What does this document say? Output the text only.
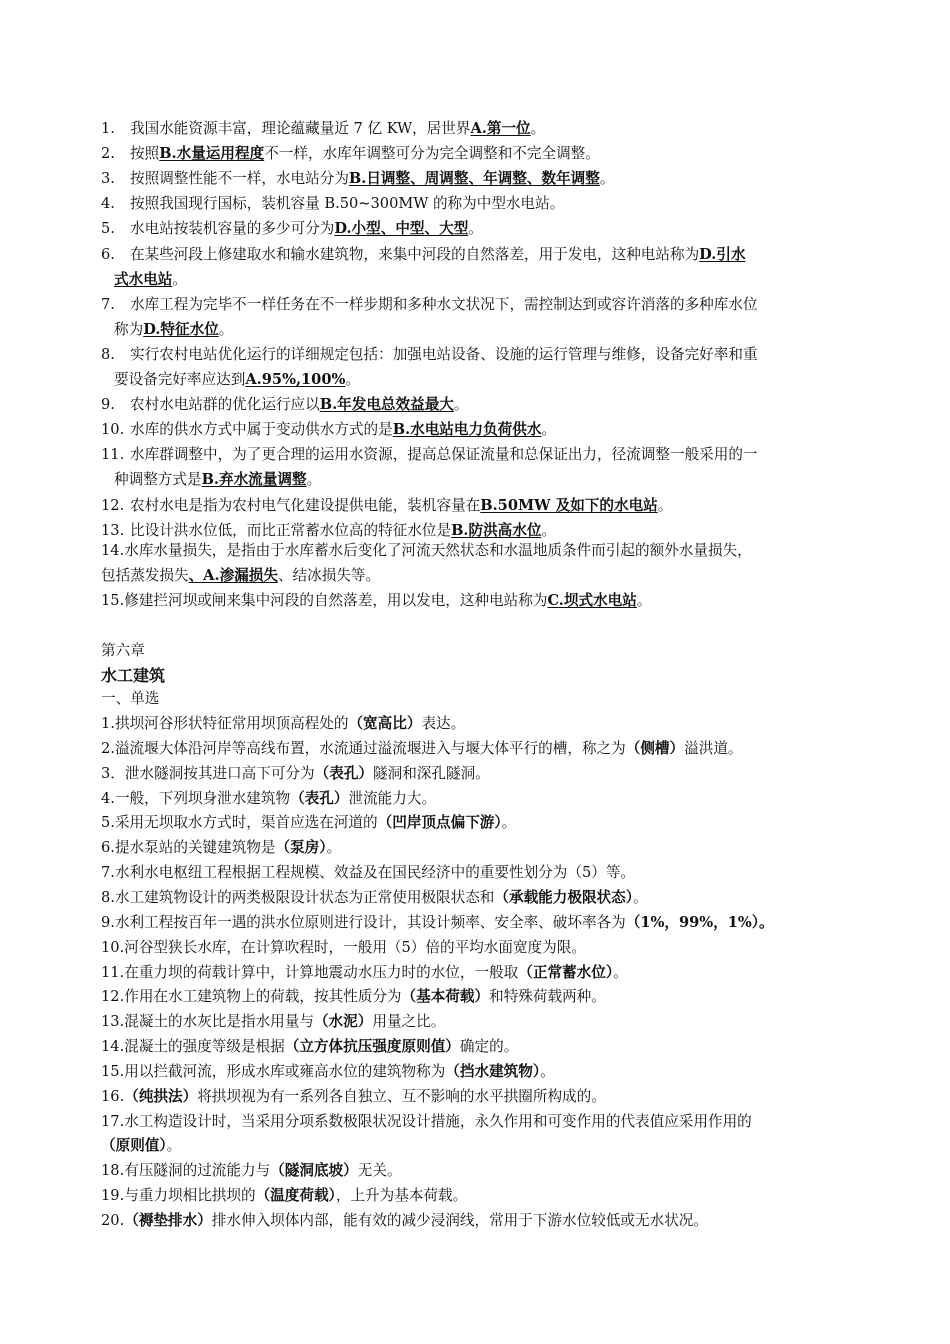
1. 我国水能资源丰富，理论蕴藏量近 7 亿 KW，居世界A.第一位。
2. 按照B.水量运用程度不一样，水库年调整可分为完全调整和不完全调整。
3. 按照调整性能不一样，水电站分为B.日调整、周调整、年调整、数年调整。
4. 按照我国现行国标，装机容量 B.50~300MW 的称为中型水电站。
5. 水电站按装机容量的多少可分为D.小型、中型、大型。
6. 在某些河段上修建取水和输水建筑物，来集中河段的自然落差，用于发电，这种电站称为D.引水
式水电站。
7. 水库工程为完毕不一样任务在不一样步期和多种水文状况下，需控制达到或容许消落的多种库水位
称为D.特征水位。
8. 实行农村电站优化运行的详细规定包括：加强电站设备、设施的运行管理与维修，设备完好率和重
要设备完好率应达到A.95%,100%。
9. 农村水电站群的优化运行应以B.年发电总效益最大。
10. 水库的供水方式中属于变动供水方式的是B.水电站电力负荷供水。
11. 水库群调整中，为了更合理的运用水资源，提高总保证流量和总保证出力，径流调整一般采用的一
种调整方式是B.弃水流量调整。
12. 农村水电是指为农村电气化建设提供电能，装机容量在B.50MW 及如下的水电站。
13. 比设计洪水位低，而比正常蓄水位高的特征水位是B.防洪高水位。
14.水库水量损失，是指由于水库蓄水后变化了河流天然状态和水温地质条件而引起的额外水量损失，
包括蒸发损失、A.渗漏损失、结冰损失等。
15.修建拦河坝或闸来集中河段的自然落差，用以发电，这种电站称为C.坝式水电站。
第六章
水工建筑
一、单选
1.拱坝河谷形状特征常用坝顶高程处的（宽高比）表达。
2.溢流堰大体沿河岸等高线布置，水流通过溢流堰进入与堰大体平行的槽，称之为（侧槽）溢洪道。
3．泄水隧洞按其进口高下可分为（表孔）隧洞和深孔隧洞。
4.一般，下列坝身泄水建筑物（表孔）泄流能力大。
5.采用无坝取水方式时，渠首应选在河道的（凹岸顶点偏下游）。
6.提水泵站的关键建筑物是（泵房）。
7.水利水电枢纽工程根据工程规模、效益及在国民经济中的重要性划分为（5）等。
8.水工建筑物设计的两类极限设计状态为正常使用极限状态和（承载能力极限状态）。
9.水利工程按百年一遇的洪水位原则进行设计，其设计频率、安全率、破坏率各为（1%，99%，1%）。
10.河谷型狭长水库，在计算吹程时，一般用（5）倍的平均水面宽度为限。
11.在重力坝的荷载计算中，计算地震动水压力时的水位，一般取（正常蓄水位）。
12.作用在水工建筑物上的荷载，按其性质分为（基本荷载）和特殊荷载两种。
13.混凝土的水灰比是指水用量与（水泥）用量之比。
14.混凝土的强度等级是根据（立方体抗压强度原则值）确定的。
15.用以拦截河流，形成水库或雍高水位的建筑物称为（挡水建筑物）。
16.（纯拱法）将拱坝视为有一系列各自独立、互不影响的水平拱圈所构成的。
17.水工构造设计时，当采用分项系数极限状况设计措施，永久作用和可变作用的代表值应采用作用的
（原则值）。
18.有压隧洞的过流能力与（隧洞底坡）无关。
19.与重力坝相比拱坝的（温度荷载），上升为基本荷载。
20.（褥垫排水）排水伸入坝体内部，能有效的减少浸润线，常用于下游水位较低或无水状况。
